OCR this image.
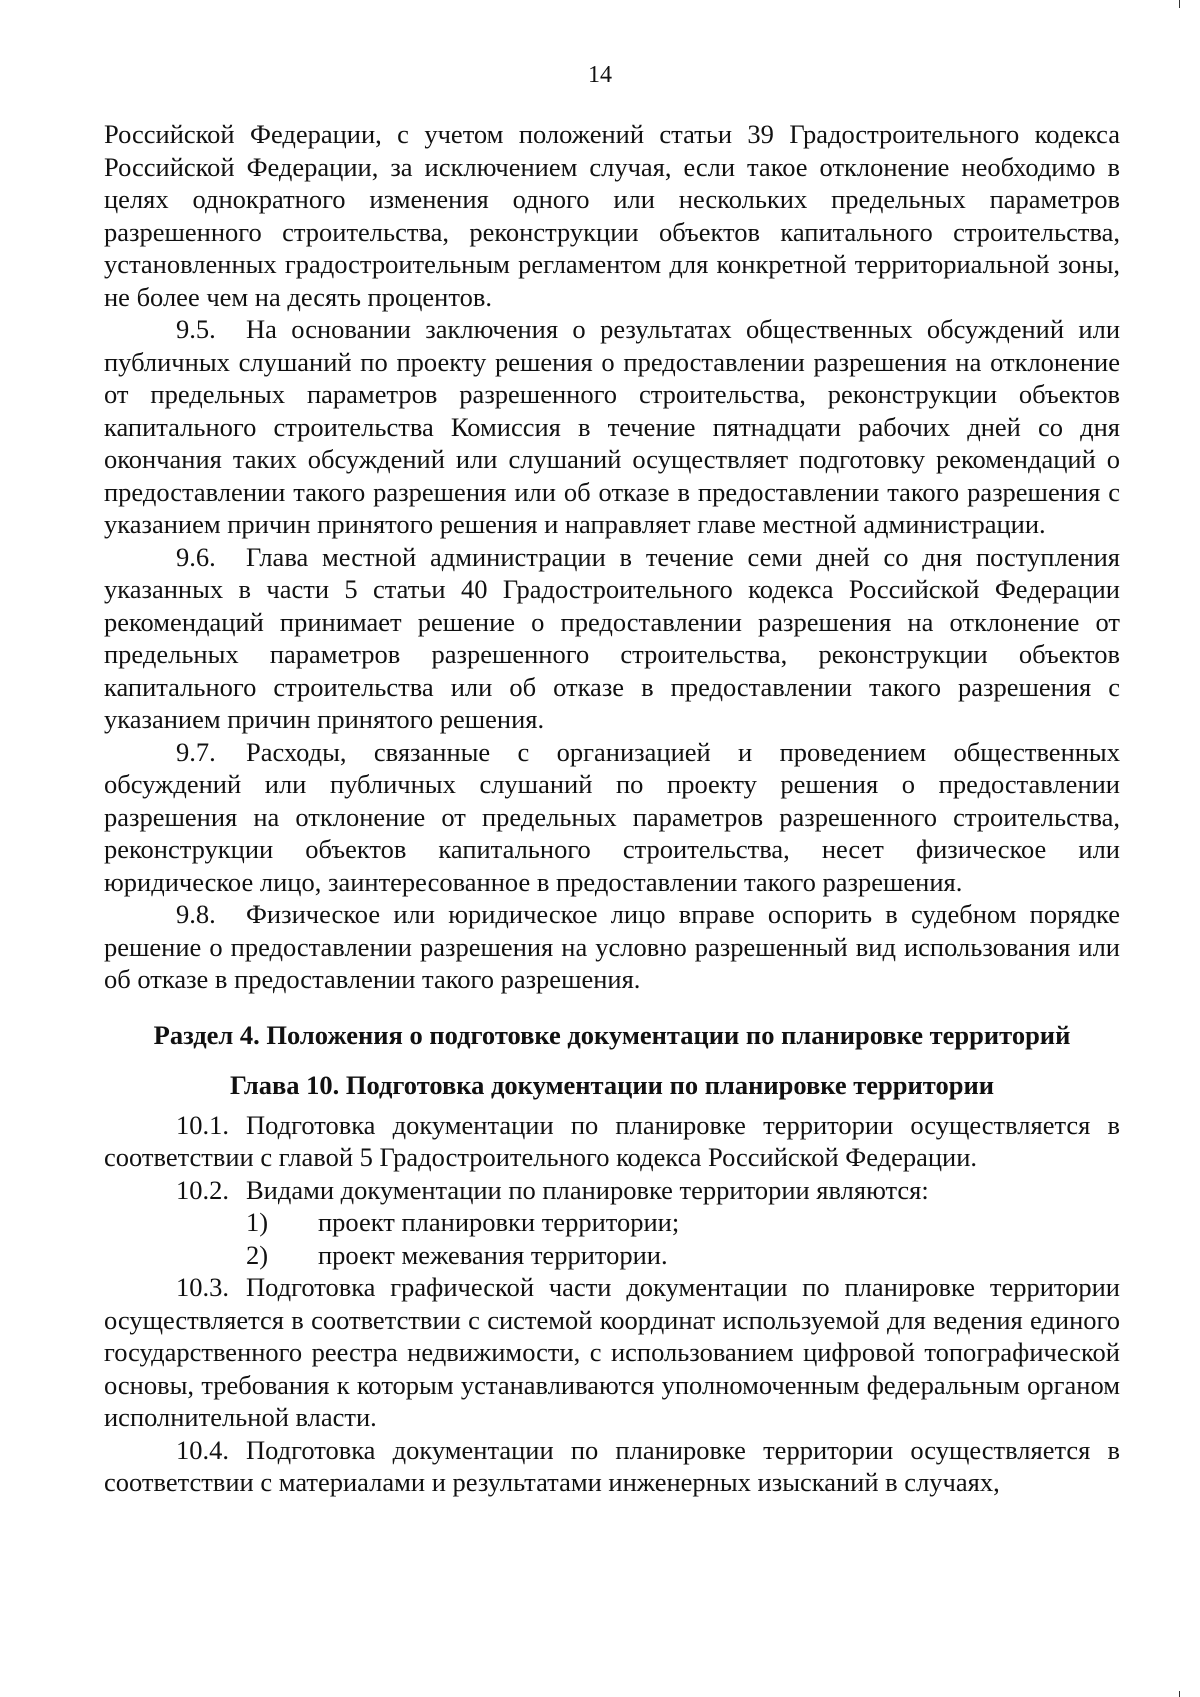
14

Российской Федерации, с учетом положений статьи 39 Градостроительного кодекса Российской Федерации, за исключением случая, если такое отклонение необходимо в целях однократного изменения одного или нескольких предельных параметров разрешенного строительства, реконструкции объектов капитального строительства, установленных градостроительным регламентом для конкретной территориальной зоны, не более чем на десять процентов.

9.5. На основании заключения о результатах общественных обсуждений или публичных слушаний по проекту решения о предоставлении разрешения на отклонение от предельных параметров разрешенного строительства, реконструкции объектов капитального строительства Комиссия в течение пятнадцати рабочих дней со дня окончания таких обсуждений или слушаний осуществляет подготовку рекомендаций о предоставлении такого разрешения или об отказе в предоставлении такого разрешения с указанием причин принятого решения и направляет главе местной администрации.

9.6. Глава местной администрации в течение семи дней со дня поступления указанных в части 5 статьи 40 Градостроительного кодекса Российской Федерации рекомендаций принимает решение о предоставлении разрешения на отклонение от предельных параметров разрешенного строительства, реконструкции объектов капитального строительства или об отказе в предоставлении такого разрешения с указанием причин принятого решения.

9.7. Расходы, связанные с организацией и проведением общественных обсуждений или публичных слушаний по проекту решения о предоставлении разрешения на отклонение от предельных параметров разрешенного строительства, реконструкции объектов капитального строительства, несет физическое или юридическое лицо, заинтересованное в предоставлении такого разрешения.

9.8. Физическое или юридическое лицо вправе оспорить в судебном порядке решение о предоставлении разрешения на условно разрешенный вид использования или об отказе в предоставлении такого разрешения.

Раздел 4. Положения о подготовке документации по планировке территорий

Глава 10. Подготовка документации по планировке территории

10.1. Подготовка документации по планировке территории осуществляется в соответствии с главой 5 Градостроительного кодекса Российской Федерации.

10.2. Видами документации по планировке территории являются:

1)	проект планировки территории;
2)	проект межевания территории.

10.3. Подготовка графической части документации по планировке территории осуществляется в соответствии с системой координат используемой для ведения единого государственного реестра недвижимости, с использованием цифровой топографической основы, требования к которым устанавливаются уполномоченным федеральным органом исполнительной власти.

10.4. Подготовка документации по планировке территории осуществляется в соответствии с материалами и результатами инженерных изысканий в случаях,
